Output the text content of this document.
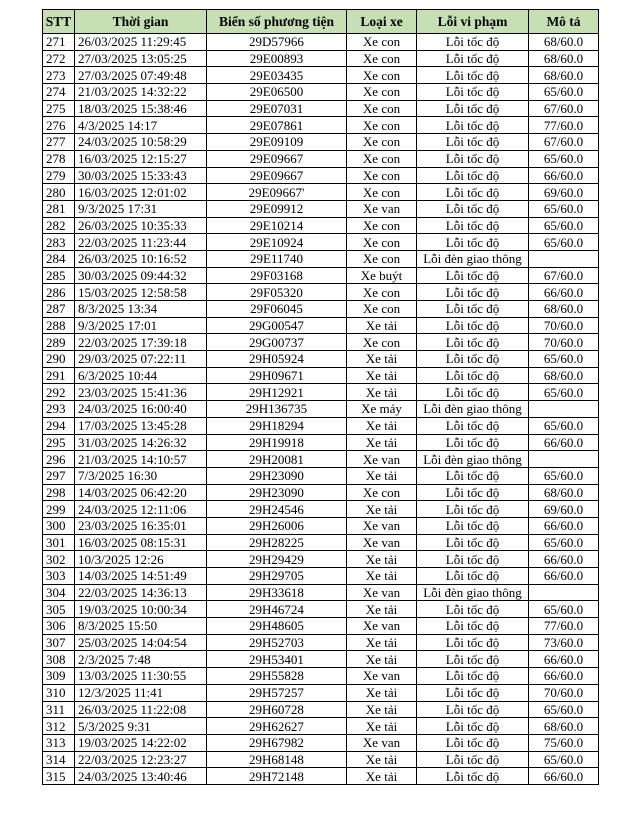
STT	Thời gian	Biển số phương tiện	Loại xe	Lỗi vi phạm	Mô tả
271	26/03/2025 11:29:45	29D57966	Xe con	Lỗi tốc độ	68/60.0
272	27/03/2025 13:05:25	29E00893	Xe con	Lỗi tốc độ	68/60.0
273	27/03/2025 07:49:48	29E03435	Xe con	Lỗi tốc độ	68/60.0
274	21/03/2025 14:32:22	29E06500	Xe con	Lỗi tốc độ	65/60.0
275	18/03/2025 15:38:46	29E07031	Xe con	Lỗi tốc độ	67/60.0
276	4/3/2025 14:17	29E07861	Xe con	Lỗi tốc độ	77/60.0
277	24/03/2025 10:58:29	29E09109	Xe con	Lỗi tốc độ	67/60.0
278	16/03/2025 12:15:27	29E09667	Xe con	Lỗi tốc độ	65/60.0
279	30/03/2025 15:33:43	29E09667	Xe con	Lỗi tốc độ	66/60.0
280	16/03/2025 12:01:02	29E09667'	Xe con	Lỗi tốc độ	69/60.0
281	9/3/2025 17:31	29E09912	Xe van	Lỗi tốc độ	65/60.0
282	26/03/2025 10:35:33	29E10214	Xe con	Lỗi tốc độ	65/60.0
283	22/03/2025 11:23:44	29E10924	Xe con	Lỗi tốc độ	65/60.0
284	26/03/2025 10:16:52	29E11740	Xe con	Lỗi đèn giao thông	
285	30/03/2025 09:44:32	29F03168	Xe buýt	Lỗi tốc độ	67/60.0
286	15/03/2025 12:58:58	29F05320	Xe con	Lỗi tốc độ	66/60.0
287	8/3/2025 13:34	29F06045	Xe con	Lỗi tốc độ	68/60.0
288	9/3/2025 17:01	29G00547	Xe tải	Lỗi tốc độ	70/60.0
289	22/03/2025 17:39:18	29G00737	Xe con	Lỗi tốc độ	70/60.0
290	29/03/2025 07:22:11	29H05924	Xe tải	Lỗi tốc độ	65/60.0
291	6/3/2025 10:44	29H09671	Xe tải	Lỗi tốc độ	68/60.0
292	23/03/2025 15:41:36	29H12921	Xe tải	Lỗi tốc độ	65/60.0
293	24/03/2025 16:00:40	29H136735	Xe máy	Lỗi đèn giao thông	
294	17/03/2025 13:45:28	29H18294	Xe tải	Lỗi tốc độ	65/60.0
295	31/03/2025 14:26:32	29H19918	Xe tải	Lỗi tốc độ	66/60.0
296	21/03/2025 14:10:57	29H20081	Xe van	Lỗi đèn giao thông	
297	7/3/2025 16:30	29H23090	Xe tải	Lỗi tốc độ	65/60.0
298	14/03/2025 06:42:20	29H23090	Xe con	Lỗi tốc độ	68/60.0
299	24/03/2025 12:11:06	29H24546	Xe tải	Lỗi tốc độ	69/60.0
300	23/03/2025 16:35:01	29H26006	Xe van	Lỗi tốc độ	66/60.0
301	16/03/2025 08:15:31	29H28225	Xe van	Lỗi tốc độ	65/60.0
302	10/3/2025 12:26	29H29429	Xe tải	Lỗi tốc độ	66/60.0
303	14/03/2025 14:51:49	29H29705	Xe tải	Lỗi tốc độ	66/60.0
304	22/03/2025 14:36:13	29H33618	Xe van	Lỗi đèn giao thông	
305	19/03/2025 10:00:34	29H46724	Xe tải	Lỗi tốc độ	65/60.0
306	8/3/2025 15:50	29H48605	Xe van	Lỗi tốc độ	77/60.0
307	25/03/2025 14:04:54	29H52703	Xe tải	Lỗi tốc độ	73/60.0
308	2/3/2025 7:48	29H53401	Xe tải	Lỗi tốc độ	66/60.0
309	13/03/2025 11:30:55	29H55828	Xe van	Lỗi tốc độ	66/60.0
310	12/3/2025 11:41	29H57257	Xe tải	Lỗi tốc độ	70/60.0
311	26/03/2025 11:22:08	29H60728	Xe tải	Lỗi tốc độ	65/60.0
312	5/3/2025 9:31	29H62627	Xe tải	Lỗi tốc độ	68/60.0
313	19/03/2025 14:22:02	29H67982	Xe van	Lỗi tốc độ	75/60.0
314	22/03/2025 12:23:27	29H68148	Xe tải	Lỗi tốc độ	65/60.0
315	24/03/2025 13:40:46	29H72148	Xe tải	Lỗi tốc độ	66/60.0
